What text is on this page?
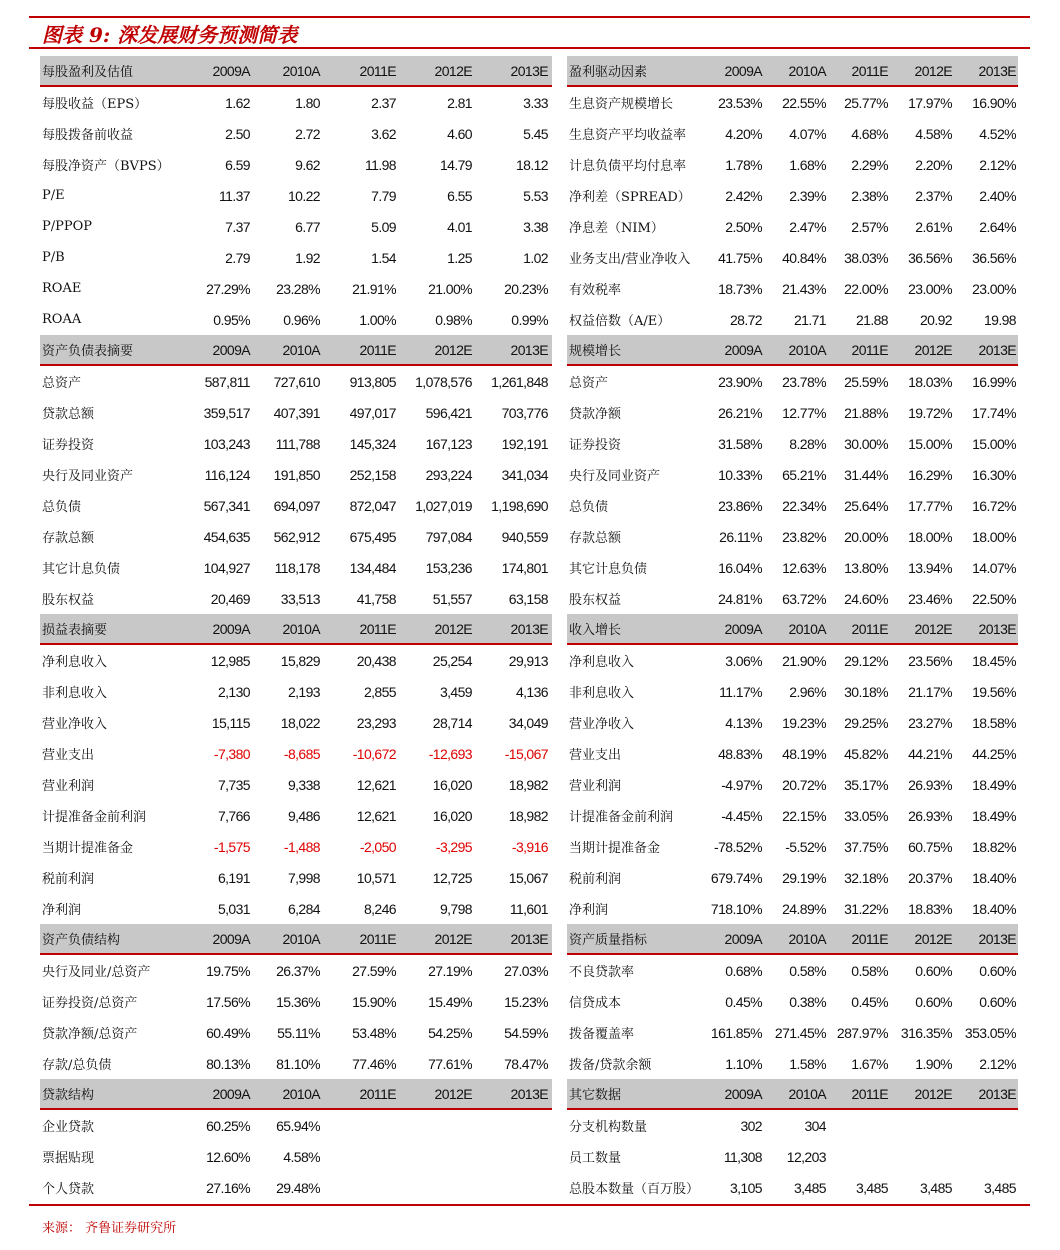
图表 9: 深发展财务预测简表
每股盈利及估值	2009A	2010A	2011E	2012E	2013E
每股收益（EPS）	1.62	1.80	2.37	2.81	3.33
每股拨备前收益	2.50	2.72	3.62	4.60	5.45
每股净资产（BVPS）	6.59	9.62	11.98	14.79	18.12
P/E	11.37	10.22	7.79	6.55	5.53
P/PPOP	7.37	6.77	5.09	4.01	3.38
P/B	2.79	1.92	1.54	1.25	1.02
ROAE	27.29%	23.28%	21.91%	21.00%	20.23%
ROAA	0.95%	0.96%	1.00%	0.98%	0.99%
资产负债表摘要	2009A	2010A	2011E	2012E	2013E
总资产	587,811	727,610	913,805	1,078,576	1,261,848
贷款总额	359,517	407,391	497,017	596,421	703,776
证券投资	103,243	111,788	145,324	167,123	192,191
央行及同业资产	116,124	191,850	252,158	293,224	341,034
总负债	567,341	694,097	872,047	1,027,019	1,198,690
存款总额	454,635	562,912	675,495	797,084	940,559
其它计息负债	104,927	118,178	134,484	153,236	174,801
股东权益	20,469	33,513	41,758	51,557	63,158
损益表摘要	2009A	2010A	2011E	2012E	2013E
净利息收入	12,985	15,829	20,438	25,254	29,913
非利息收入	2,130	2,193	2,855	3,459	4,136
营业净收入	15,115	18,022	23,293	28,714	34,049
营业支出	-7,380	-8,685	-10,672	-12,693	-15,067
营业利润	7,735	9,338	12,621	16,020	18,982
计提准备金前利润	7,766	9,486	12,621	16,020	18,982
当期计提准备金	-1,575	-1,488	-2,050	-3,295	-3,916
税前利润	6,191	7,998	10,571	12,725	15,067
净利润	5,031	6,284	8,246	9,798	11,601
资产负债结构	2009A	2010A	2011E	2012E	2013E
央行及同业/总资产	19.75%	26.37%	27.59%	27.19%	27.03%
证券投资/总资产	17.56%	15.36%	15.90%	15.49%	15.23%
贷款净额/总资产	60.49%	55.11%	53.48%	54.25%	54.59%
存款/总负债	80.13%	81.10%	77.46%	77.61%	78.47%
贷款结构	2009A	2010A	2011E	2012E	2013E
企业贷款	60.25%	65.94%
票据贴现	12.60%	4.58%
个人贷款	27.16%	29.48%
盈利驱动因素	2009A	2010A	2011E	2012E	2013E
生息资产规模增长	23.53%	22.55%	25.77%	17.97%	16.90%
生息资产平均收益率	4.20%	4.07%	4.68%	4.58%	4.52%
计息负债平均付息率	1.78%	1.68%	2.29%	2.20%	2.12%
净利差（SPREAD）	2.42%	2.39%	2.38%	2.37%	2.40%
净息差（NIM）	2.50%	2.47%	2.57%	2.61%	2.64%
业务支出/营业净收入	41.75%	40.84%	38.03%	36.56%	36.56%
有效税率	18.73%	21.43%	22.00%	23.00%	23.00%
权益倍数（A/E）	28.72	21.71	21.88	20.92	19.98
规模增长	2009A	2010A	2011E	2012E	2013E
总资产	23.90%	23.78%	25.59%	18.03%	16.99%
贷款净额	26.21%	12.77%	21.88%	19.72%	17.74%
证券投资	31.58%	8.28%	30.00%	15.00%	15.00%
央行及同业资产	10.33%	65.21%	31.44%	16.29%	16.30%
总负债	23.86%	22.34%	25.64%	17.77%	16.72%
存款总额	26.11%	23.82%	20.00%	18.00%	18.00%
其它计息负债	16.04%	12.63%	13.80%	13.94%	14.07%
股东权益	24.81%	63.72%	24.60%	23.46%	22.50%
收入增长	2009A	2010A	2011E	2012E	2013E
净利息收入	3.06%	21.90%	29.12%	23.56%	18.45%
非利息收入	11.17%	2.96%	30.18%	21.17%	19.56%
营业净收入	4.13%	19.23%	29.25%	23.27%	18.58%
营业支出	48.83%	48.19%	45.82%	44.21%	44.25%
营业利润	-4.97%	20.72%	35.17%	26.93%	18.49%
计提准备金前利润	-4.45%	22.15%	33.05%	26.93%	18.49%
当期计提准备金	-78.52%	-5.52%	37.75%	60.75%	18.82%
税前利润	679.74%	29.19%	32.18%	20.37%	18.40%
净利润	718.10%	24.89%	31.22%	18.83%	18.40%
资产质量指标	2009A	2010A	2011E	2012E	2013E
不良贷款率	0.68%	0.58%	0.58%	0.60%	0.60%
信贷成本	0.45%	0.38%	0.45%	0.60%	0.60%
拨备覆盖率	161.85% 271.45% 287.97% 316.35% 353.05%
拨备/贷款余额	1.10%	1.58%	1.67%	1.90%	2.12%
其它数据	2009A	2010A	2011E	2012E	2013E
分支机构数量	302	304
员工数量	11,308	12,203
总股本数量（百万股）	3,105	3,485	3,485	3,485	3,485
来源： 齐鲁证券研究所
